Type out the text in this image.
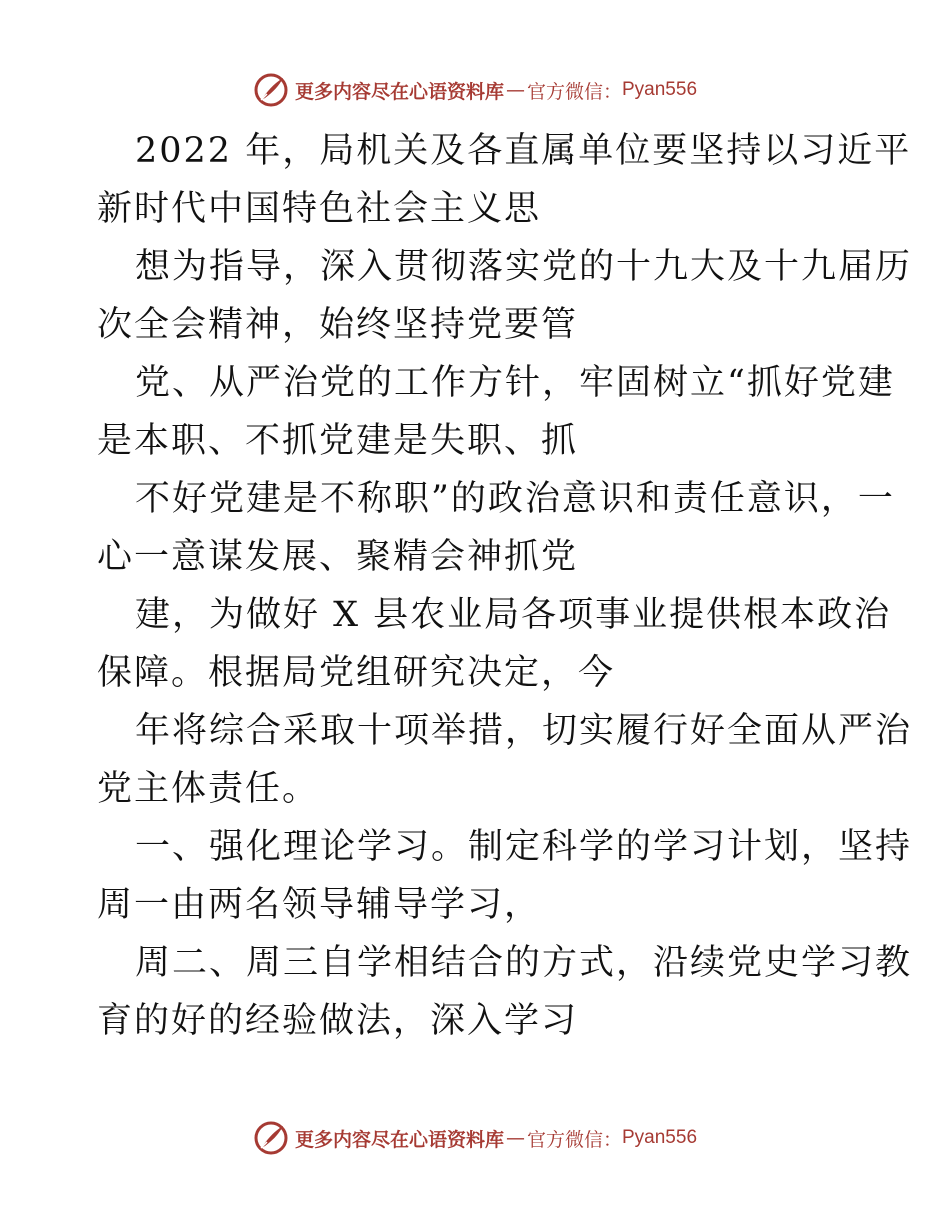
更多内容尽在心语资料库 — 官方微信： Pyan556
2022 年，局机关及各直属单位要坚持以习近平
新时代中国特色社会主义思
想为指导，深入贯彻落实党的十九大及十九届历
次全会精神，始终坚持党要管
党、从严治党的工作方针，牢固树立“抓好党建
是本职、不抓党建是失职、抓
不好党建是不称职”的政治意识和责任意识，一
心一意谋发展、聚精会神抓党
建，为做好 X 县农业局各项事业提供根本政治
保障。根据局党组研究决定，今
年将综合采取十项举措，切实履行好全面从严治
党主体责任。
一、强化理论学习。制定科学的学习计划，坚持
周一由两名领导辅导学习，
周二、周三自学相结合的方式，沿续党史学习教
育的好的经验做法，深入学习
更多内容尽在心语资料库 — 官方微信： Pyan556
